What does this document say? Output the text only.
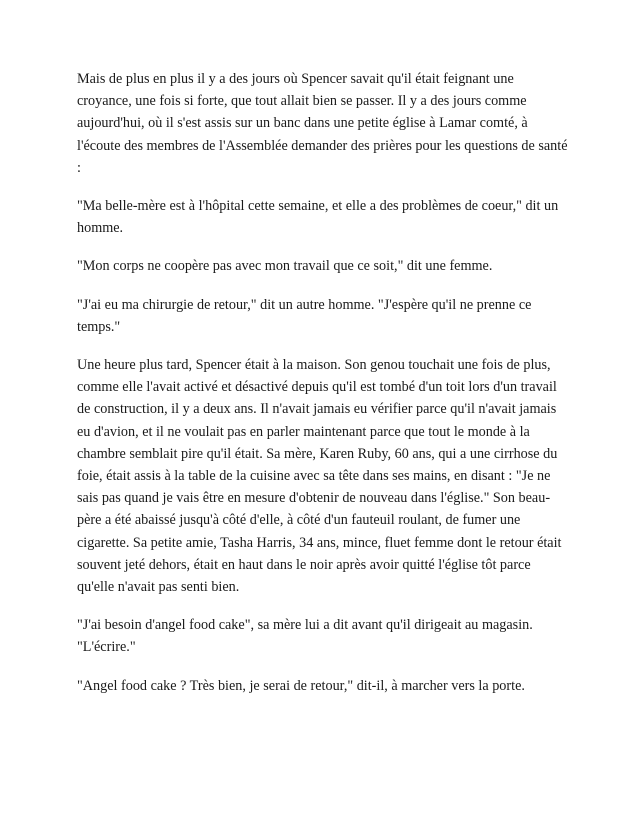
Mais de plus en plus il y a des jours où Spencer savait qu'il était feignant une croyance, une fois si forte, que tout allait bien se passer. Il y a des jours comme aujourd'hui, où il s'est assis sur un banc dans une petite église à Lamar comté, à l'écoute des membres de l'Assemblée demander des prières pour les questions de santé :

"Ma belle-mère est à l'hôpital cette semaine, et elle a des problèmes de coeur," dit un homme.

"Mon corps ne coopère pas avec mon travail que ce soit," dit une femme.

"J'ai eu ma chirurgie de retour," dit un autre homme. "J'espère qu'il ne prenne ce temps."

Une heure plus tard, Spencer était à la maison. Son genou touchait une fois de plus, comme elle l'avait activé et désactivé depuis qu'il est tombé d'un toit lors d'un travail de construction, il y a deux ans. Il n'avait jamais eu vérifier parce qu'il n'avait jamais eu d'avion, et il ne voulait pas en parler maintenant parce que tout le monde à la chambre semblait pire qu'il était. Sa mère, Karen Ruby, 60 ans, qui a une cirrhose du foie, était assis à la table de la cuisine avec sa tête dans ses mains, en disant : "Je ne sais pas quand je vais être en mesure d'obtenir de nouveau dans l'église." Son beau-père a été abaissé jusqu'à côté d'elle, à côté d'un fauteuil roulant, de fumer une cigarette. Sa petite amie, Tasha Harris, 34 ans, mince, fluet femme dont le retour était souvent jeté dehors, était en haut dans le noir après avoir quitté l'église tôt parce qu'elle n'avait pas senti bien.

"J'ai besoin d'angel food cake", sa mère lui a dit avant qu'il dirigeait au magasin. "L'écrire."

"Angel food cake ? Très bien, je serai de retour," dit-il, à marcher vers la porte.
